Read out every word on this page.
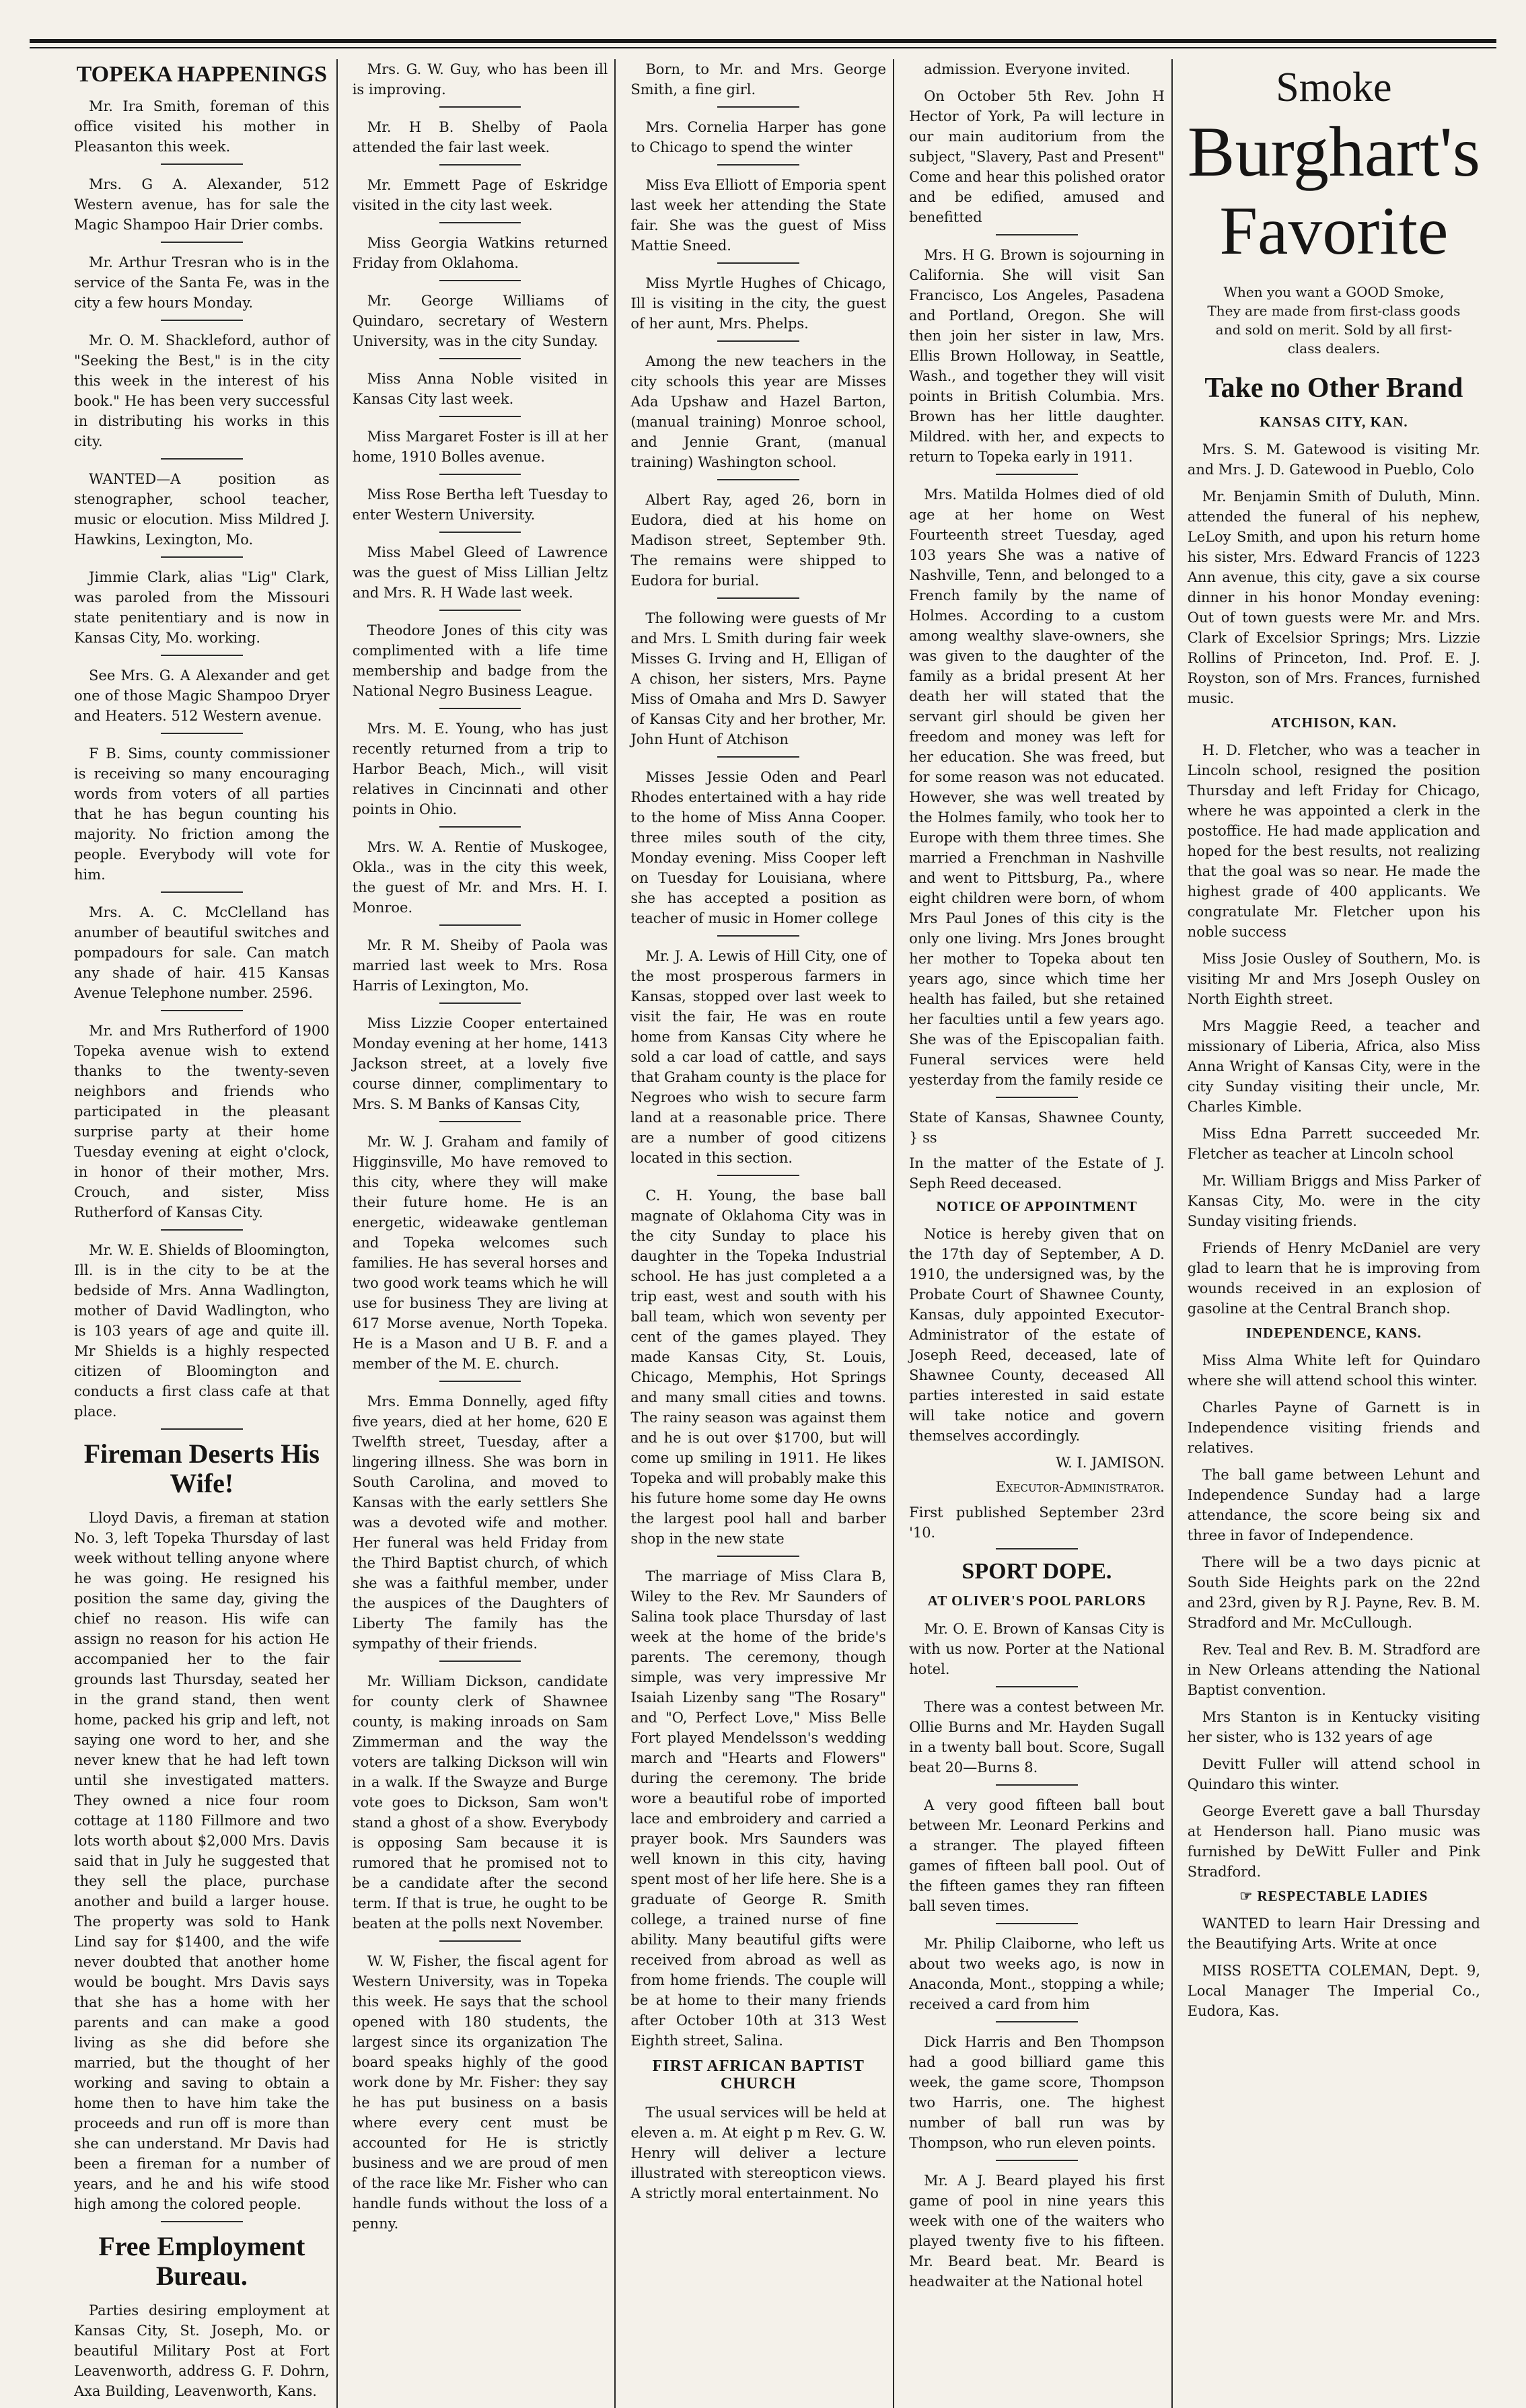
TOPEKA HAPPENINGS

Mr. Ira Smith, foreman of this office visited his mother in Pleasanton this week.

Mrs. G A. Alexander, 512 Western avenue, has for sale the Magic Shampoo Hair Drier combs.

Mr. Arthur Tresran who is in the service of the Santa Fe, was in the city a few hours Monday.

Mr. O. M. Shackleford, author of "Seeking the Best," is in the city this week in the interest of his book." He has been very successful in distributing his works in this city.

WANTED—A position as stenographer, school teacher, music or elocution. Miss Mildred J. Hawkins, Lexington, Mo.

Jimmie Clark, alias "Lig" Clark, was paroled from the Missouri state penitentiary and is now in Kansas City, Mo. working.

See Mrs. G. A Alexander and get one of those Magic Shampoo Dryer and Heaters. 512 Western avenue.

F B. Sims, county commissioner is receiving so many encouraging words from voters of all parties that he has begun counting his majority. No friction among the people. Everybody will vote for him.

Mrs. A. C. McClelland has anumber of beautiful switches and pompadours for sale. Can match any shade of hair. 415 Kansas Avenue Telephone number. 2596.

Mr. and Mrs Rutherford of 1900 Topeka avenue wish to extend thanks to the twenty-seven neighbors and friends who participated in the pleasant surprise party at their home Tuesday evening at eight o'clock, in honor of their mother, Mrs. Crouch, and sister, Miss Rutherford of Kansas City.

Mr. W. E. Shields of Bloomington, Ill. is in the city to be at the bedside of Mrs. Anna Wadlington, mother of David Wadlington, who is 103 years of age and quite ill. Mr Shields is a highly respected citizen of Bloomington and conducts a first class cafe at that place.

Fireman Deserts His Wife!

Lloyd Davis, a fireman at station No. 3, left Topeka Thursday of last week without telling anyone where he was going. He resigned his position the same day, giving the chief no reason. His wife can assign no reason for his action He accompanied her to the fair grounds last Thursday, seated her in the grand stand, then went home, packed his grip and left, not saying one word to her, and she never knew that he had left town until she investigated matters. They owned a nice four room cottage at 1180 Fillmore and two lots worth about $2,000 Mrs. Davis said that in July he suggested that they sell the place, purchase another and build a larger house. The property was sold to Hank Lind say for $1400, and the wife never doubted that another home would be bought. Mrs Davis says that she has a home with her parents and can make a good living as she did before she married, but the thought of her working and saving to obtain a home then to have him take the proceeds and run off is more than she can understand. Mr Davis had been a fireman for a number of years, and he and his wife stood high among the colored people.

Free Employment Bureau.

Parties desiring employment at Kansas City, St. Joseph, Mo. or beautiful Military Post at Fort Leavenworth, address G. F. Dohrn, Axa Building, Leavenworth, Kans.

Mrs. G. W. Guy, who has been ill is improving.

Mr. H B. Shelby of Paola attended the fair last week.

Mr. Emmett Page of Eskridge visited in the city last week.

Miss Georgia Watkins returned Friday from Oklahoma.

Mr. George Williams of Quindaro, secretary of Western University, was in the city Sunday.

Miss Anna Noble visited in Kansas City last week.

Miss Margaret Foster is ill at her home, 1910 Bolles avenue.

Miss Rose Bertha left Tuesday to enter Western University.

Miss Mabel Gleed of Lawrence was the guest of Miss Lillian Jeltz and Mrs. R. H Wade last week.

Theodore Jones of this city was complimented with a life time membership and badge from the National Negro Business League.

Mrs. M. E. Young, who has just recently returned from a trip to Harbor Beach, Mich., will visit relatives in Cincinnati and other points in Ohio.

Mrs. W. A. Rentie of Muskogee, Okla., was in the city this week, the guest of Mr. and Mrs. H. I. Monroe.

Mr. R M. Sheiby of Paola was married last week to Mrs. Rosa Harris of Lexington, Mo.

Miss Lizzie Cooper entertained Monday evening at her home, 1413 Jackson street, at a lovely five course dinner, complimentary to Mrs. S. M Banks of Kansas City,

Mr. W. J. Graham and family of Higginsville, Mo have removed to this city, where they will make their future home. He is an energetic, wideawake gentleman and Topeka welcomes such families. He has several horses and two good work teams which he will use for business They are living at 617 Morse avenue, North Topeka. He is a Mason and U B. F. and a member of the M. E. church.

Mrs. Emma Donnelly, aged fifty five years, died at her home, 620 E Twelfth street, Tuesday, after a lingering illness. She was born in South Carolina, and moved to Kansas with the early settlers She was a devoted wife and mother. Her funeral was held Friday from the Third Baptist church, of which she was a faithful member, under the auspices of the Daughters of Liberty The family has the sympathy of their friends.

Mr. William Dickson, candidate for county clerk of Shawnee county, is making inroads on Sam Zimmerman and the way the voters are talking Dickson will win in a walk. If the Swayze and Burge vote goes to Dickson, Sam won't stand a ghost of a show. Everybody is opposing Sam because it is rumored that he promised not to be a candidate after the second term. If that is true, he ought to be beaten at the polls next November.

W. W, Fisher, the fiscal agent for Western University, was in Topeka this week. He says that the school opened with 180 students, the largest since its organization The board speaks highly of the good work done by Mr. Fisher: they say he has put business on a basis where every cent must be accounted for He is strictly business and we are proud of men of the race like Mr. Fisher who can handle funds without the loss of a penny.

Born, to Mr. and Mrs. George Smith, a fine girl.

Mrs. Cornelia Harper has gone to Chicago to spend the winter

Miss Eva Elliott of Emporia spent last week her attending the State fair. She was the guest of Miss Mattie Sneed.

Miss Myrtle Hughes of Chicago, Ill is visiting in the city, the guest of her aunt, Mrs. Phelps.

Among the new teachers in the city schools this year are Misses Ada Upshaw and Hazel Barton, (manual training) Monroe school, and Jennie Grant, (manual training) Washington school.

Albert Ray, aged 26, born in Eudora, died at his home on Madison street, September 9th. The remains were shipped to Eudora for burial.

The following were guests of Mr and Mrs. L Smith during fair week Misses G. Irving and H, Elligan of A chison, her sisters, Mrs. Payne Miss of Omaha and Mrs D. Sawyer of Kansas City and her brother, Mr. John Hunt of Atchison

Misses Jessie Oden and Pearl Rhodes entertained with a hay ride to the home of Miss Anna Cooper. three miles south of the city, Monday evening. Miss Cooper left on Tuesday for Louisiana, where she has accepted a position as teacher of music in Homer college

Mr. J. A. Lewis of Hill City, one of the most prosperous farmers in Kansas, stopped over last week to visit the fair, He was en route home from Kansas City where he sold a car load of cattle, and says that Graham county is the place for Negroes who wish to secure farm land at a reasonable price. There are a number of good citizens located in this section.

C. H. Young, the base ball magnate of Oklahoma City was in the city Sunday to place his daughter in the Topeka Industrial school. He has just completed a a trip east, west and south with his ball team, which won seventy per cent of the games played. They made Kansas City, St. Louis, Chicago, Memphis, Hot Springs and many small cities and towns. The rainy season was against them and he is out over $1700, but will come up smiling in 1911. He likes Topeka and will probably make this his future home some day He owns the largest pool hall and barber shop in the new state

The marriage of Miss Clara B, Wiley to the Rev. Mr Saunders of Salina took place Thursday of last week at the home of the bride's parents. The ceremony, though simple, was very impressive Mr Isaiah Lizenby sang "The Rosary" and "O, Perfect Love," Miss Belle Fort played Mendelsson's wedding march and "Hearts and Flowers" during the ceremony. The bride wore a beautiful robe of imported lace and embroidery and carried a prayer book. Mrs Saunders was well known in this city, having spent most of her life here. She is a graduate of George R. Smith college, a trained nurse of fine ability. Many beautiful gifts were received from abroad as well as from home friends. The couple will be at home to their many friends after October 10th at 313 West Eighth street, Salina.

FIRST AFRICAN BAPTIST CHURCH

The usual services will be held at eleven a. m. At eight p m Rev. G. W. Henry will deliver a lecture illustrated with stereopticon views. A strictly moral entertainment. No

admission. Everyone invited.

On October 5th Rev. John H Hector of York, Pa will lecture in our main auditorium from the subject, "Slavery, Past and Present" Come and hear this polished orator and be edified, amused and benefitted

Mrs. H G. Brown is sojourning in California. She will visit San Francisco, Los Angeles, Pasadena and Portland, Oregon. She will then join her sister in law, Mrs. Ellis Brown Holloway, in Seattle, Wash., and together they will visit points in British Columbia. Mrs. Brown has her little daughter. Mildred. with her, and expects to return to Topeka early in 1911.

Mrs. Matilda Holmes died of old age at her home on West Fourteenth street Tuesday, aged 103 years She was a native of Nashville, Tenn, and belonged to a French family by the name of Holmes. According to a custom among wealthy slave-owners, she was given to the daughter of the family as a bridal present At her death her will stated that the servant girl should be given her freedom and money was left for her education. She was freed, but for some reason was not educated. However, she was well treated by the Holmes family, who took her to Europe with them three times. She married a Frenchman in Nashville and went to Pittsburg, Pa., where eight children were born, of whom Mrs Paul Jones of this city is the only one living. Mrs Jones brought her mother to Topeka about ten years ago, since which time her health has failed, but she retained her faculties until a few years ago. She was of the Episcopalian faith. Funeral services were held yesterday from the family reside ce

State of Kansas, Shawnee County, } ss

In the matter of the Estate of J. Seph Reed deceased.

NOTICE OF APPOINTMENT

Notice is hereby given that on the 17th day of September, A D. 1910, the undersigned was, by the Probate Court of Shawnee County, Kansas, duly appointed Executor-Administrator of the estate of Joseph Reed, deceased, late of Shawnee County, deceased All parties interested in said estate will take notice and govern themselves accordingly.

W. I. JAMISON.
Executor-Administrator.

First published September 23rd '10.

SPORT DOPE.
AT OLIVER'S POOL PARLORS

Mr. O. E. Brown of Kansas City is with us now. Porter at the National hotel.

There was a contest between Mr. Ollie Burns and Mr. Hayden Sugall in a twenty ball bout. Score, Sugall beat 20—Burns 8.

A very good fifteen ball bout between Mr. Leonard Perkins and a stranger. The played fifteen games of fifteen ball pool. Out of the fifteen games they ran fifteen ball seven times.

Mr. Philip Claiborne, who left us about two weeks ago, is now in Anaconda, Mont., stopping a while; received a card from him

Dick Harris and Ben Thompson had a good billiard game this week, the game score, Thompson two Harris, one. The highest number of ball run was by Thompson, who run eleven points.

Mr. A J. Beard played his first game of pool in nine years this week with one of the waiters who played twenty five to his fifteen. Mr. Beard beat. Mr. Beard is headwaiter at the National hotel

Smoke
Burghart's
Favorite
When you want a GOOD Smoke, They are made from first-class goods and sold on merit. Sold by all first-class dealers.
Take no Other Brand
KANSAS CITY, KAN.

Mrs. S. M. Gatewood is visiting Mr. and Mrs. J. D. Gatewood in Pueblo, Colo

Mr. Benjamin Smith of Duluth, Minn. attended the funeral of his nephew, LeLoy Smith, and upon his return home his sister, Mrs. Edward Francis of 1223 Ann avenue, this city, gave a six course dinner in his honor Monday evening: Out of town guests were Mr. and Mrs. Clark of Excelsior Springs; Mrs. Lizzie Rollins of Princeton, Ind. Prof. E. J. Royston, son of Mrs. Frances, furnished music.

ATCHISON, KAN.

H. D. Fletcher, who was a teacher in Lincoln school, resigned the position Thursday and left Friday for Chicago, where he was appointed a clerk in the postoffice. He had made application and hoped for the best results, not realizing that the goal was so near. He made the highest grade of 400 applicants. We congratulate Mr. Fletcher upon his noble success

Miss Josie Ousley of Southern, Mo. is visiting Mr and Mrs Joseph Ousley on North Eighth street.

Mrs Maggie Reed, a teacher and missionary of Liberia, Africa, also Miss Anna Wright of Kansas City, were in the city Sunday visiting their uncle, Mr. Charles Kimble.

Miss Edna Parrett succeeded Mr. Fletcher as teacher at Lincoln school

Mr. William Briggs and Miss Parker of Kansas City, Mo. were in the city Sunday visiting friends.

Friends of Henry McDaniel are very glad to learn that he is improving from wounds received in an explosion of gasoline at the Central Branch shop.

INDEPENDENCE, KANS.

Miss Alma White left for Quindaro where she will attend school this winter.

Charles Payne of Garnett is in Independence visiting friends and relatives.

The ball game between Lehunt and Independence Sunday had a large attendance, the score being six and three in favor of Independence.

There will be a two days picnic at South Side Heights park on the 22nd and 23rd, given by R J. Payne, Rev. B. M. Stradford and Mr. McCullough.

Rev. Teal and Rev. B. M. Stradford are in New Orleans attending the National Baptist convention.

Mrs Stanton is in Kentucky visiting her sister, who is 132 years of age

Devitt Fuller will attend school in Quindaro this winter.

George Everett gave a ball Thursday at Henderson hall. Piano music was furnished by DeWitt Fuller and Pink Stradford.

☞ RESPECTABLE LADIES

WANTED to learn Hair Dressing and the Beautifying Arts. Write at once

MISS ROSETTA COLEMAN, Dept. 9, Local Manager The Imperial Co., Eudora, Kas.
